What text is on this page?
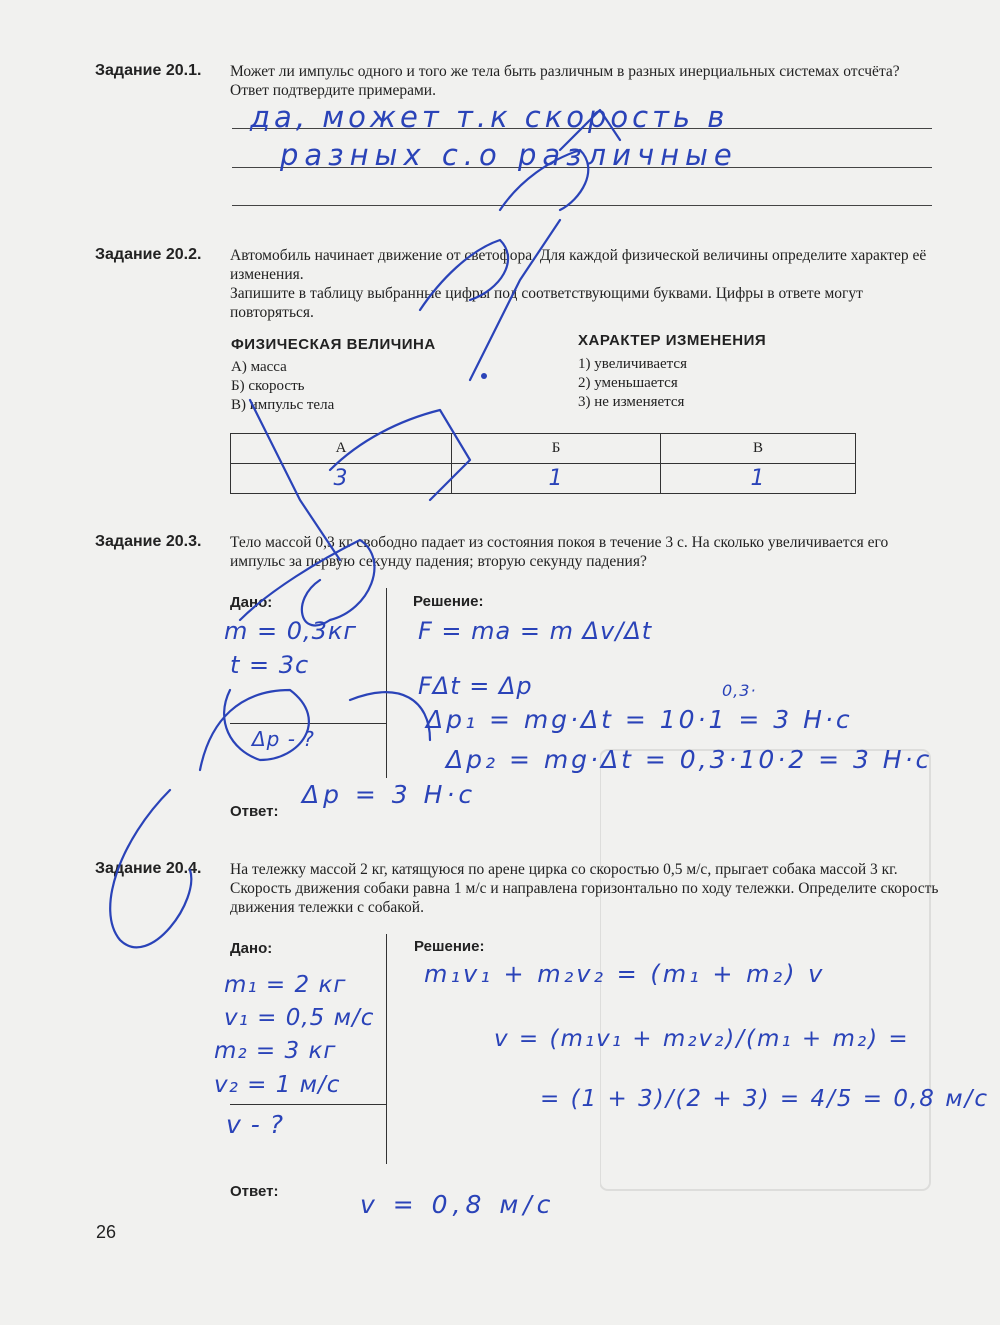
Задание 20.1. Может ли импульс одного и того же тела быть различным в разных инерциальных системах отсчёта? Ответ подтвердите примерами.
да, может т.к скорость в
разных с.о различные
Задание 20.2. Автомобиль начинает движение от светофора. Для каждой физической величины определите характер её изменения.
Запишите в таблицу выбранные цифры под соответствующими буквами. Цифры в ответе могут повторяться.
ФИЗИЧЕСКАЯ ВЕЛИЧИНА
А) масса
Б) скорость
В) импульс тела
ХАРАКТЕР ИЗМЕНЕНИЯ
1) увеличивается
2) уменьшается
3) не изменяется
А	Б	В
3	1	1
Задание 20.3. Тело массой 0,3 кг свободно падает из состояния покоя в течение 3 с. На сколько увеличивается его импульс за первую секунду падения; вторую секунду падения?
Дано:	Решение:
Ответ:
m = 0,3кг
t = 3с
Δp - ?
F = ma = m Δv/Δt
FΔt = Δp	0,3·
Δp₁ = mg·Δt = 10·1 = 3 Н·с
Δp₂ = mg·Δt = 0,3·10·2 = 3 Н·с
Δp = 3 Н·с
Задание 20.4. На тележку массой 2 кг, катящуюся по арене цирка со скоростью 0,5 м/с, прыгает собака массой 3 кг. Скорость движения собаки равна 1 м/с и направлена горизонтально по ходу тележки. Определите скорость движения тележки с собакой.
Дано:	Решение:
Ответ:
m₁ = 2 кг
v₁ = 0,5 м/с
m₂ = 3 кг
v₂ = 1 м/с
v - ?
m₁v₁ + m₂v₂ = (m₁ + m₂) v
v = (m₁v₁ + m₂v₂)/(m₁ + m₂) =
= (1 + 3)/(2 + 3) = 4/5 = 0,8 м/с
v = 0,8 м/с
26
